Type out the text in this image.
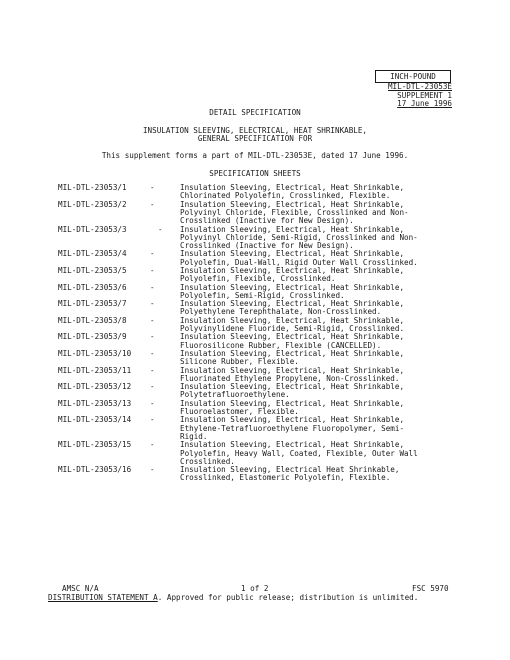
INCH-POUND
MIL-DTL-23053E
SUPPLEMENT 1
17 June 1996
DETAIL SPECIFICATION
INSULATION SLEEVING, ELECTRICAL, HEAT SHRINKABLE,
GENERAL SPECIFICATION FOR
This supplement forms a part of MIL-DTL-23053E, dated 17 June 1996.
SPECIFICATION SHEETS
MIL-DTL-23053/1	-	Insulation Sleeving, Electrical, Heat Shrinkable,
Chlorinated Polyolefin, Crosslinked, Flexible.
MIL-DTL-23053/2	-	Insulation Sleeving, Electrical, Heat Shrinkable,
Polyvinyl Chloride, Flexible, Crosslinked and Non-
Crosslinked (Inactive for New Design).
MIL-DTL-23053/3	- Insulation Sleeving, Electrical, Heat Shrinkable,
Polyvinyl Chloride, Semi-Rigid, Crosslinked and Non-
Crosslinked (Inactive for New Design).
MIL-DTL-23053/4	-	Insulation Sleeving, Electrical, Heat Shrinkable,
Polyolefin, Dual-Wall, Rigid Outer Wall Crosslinked.
MIL-DTL-23053/5	-	Insulation Sleeving, Electrical, Heat Shrinkable,
Polyolefin, Flexible, Crosslinked.
MIL-DTL-23053/6	-	Insulation Sleeving, Electrical, Heat Shrinkable,
Polyolefin, Semi-Rigid, Crosslinked.
MIL-DTL-23053/7	-	Insulation Sleeving, Electrical, Heat Shrinkable,
Polyethylene Terephthalate, Non-Crosslinked.
MIL-DTL-23053/8	-	Insulation Sleeving, Electrical, Heat Shrinkable,
Polyvinylidene Fluoride, Semi-Rigid, Crosslinked.
MIL-DTL-23053/9	-	Insulation Sleeving, Electrical, Heat Shrinkable,
Fluorosilicone Rubber, Flexible (CANCELLED).
MIL-DTL-23053/10 -	Insulation Sleeving, Electrical, Heat Shrinkable,
Silicone Rubber, Flexible.
MIL-DTL-23053/11 -	Insulation Sleeving, Electrical, Heat Shrinkable,
Fluorinated Ethylene Propylene, Non-Crosslinked.
MIL-DTL-23053/12 -	Insulation Sleeving, Electrical, Heat Shrinkable,
Polytetrafluoroethylene.
MIL-DTL-23053/13 -	Insulation Sleeving, Electrical, Heat Shrinkable,
Fluoroelastomer, Flexible.
MIL-DTL-23053/14 -	Insulation Sleeving, Electrical, Heat Shrinkable,
Ethylene-Tetrafluoroethylene Fluoropolymer, Semi-
Rigid.
MIL-DTL-23053/15 -	Insulation Sleeving, Electrical, Heat Shrinkable,
Polyolefin, Heavy Wall, Coated, Flexible, Outer Wall
Crosslinked.
MIL-DTL-23053/16 -	Insulation Sleeving, Electrical Heat Shrinkable,
Crosslinked, Elastomeric Polyolefin, Flexible.
AMSC N/A	1 of 2	FSC 5970
DISTRIBUTION STATEMENT A. Approved for public release; distribution is unlimited.
